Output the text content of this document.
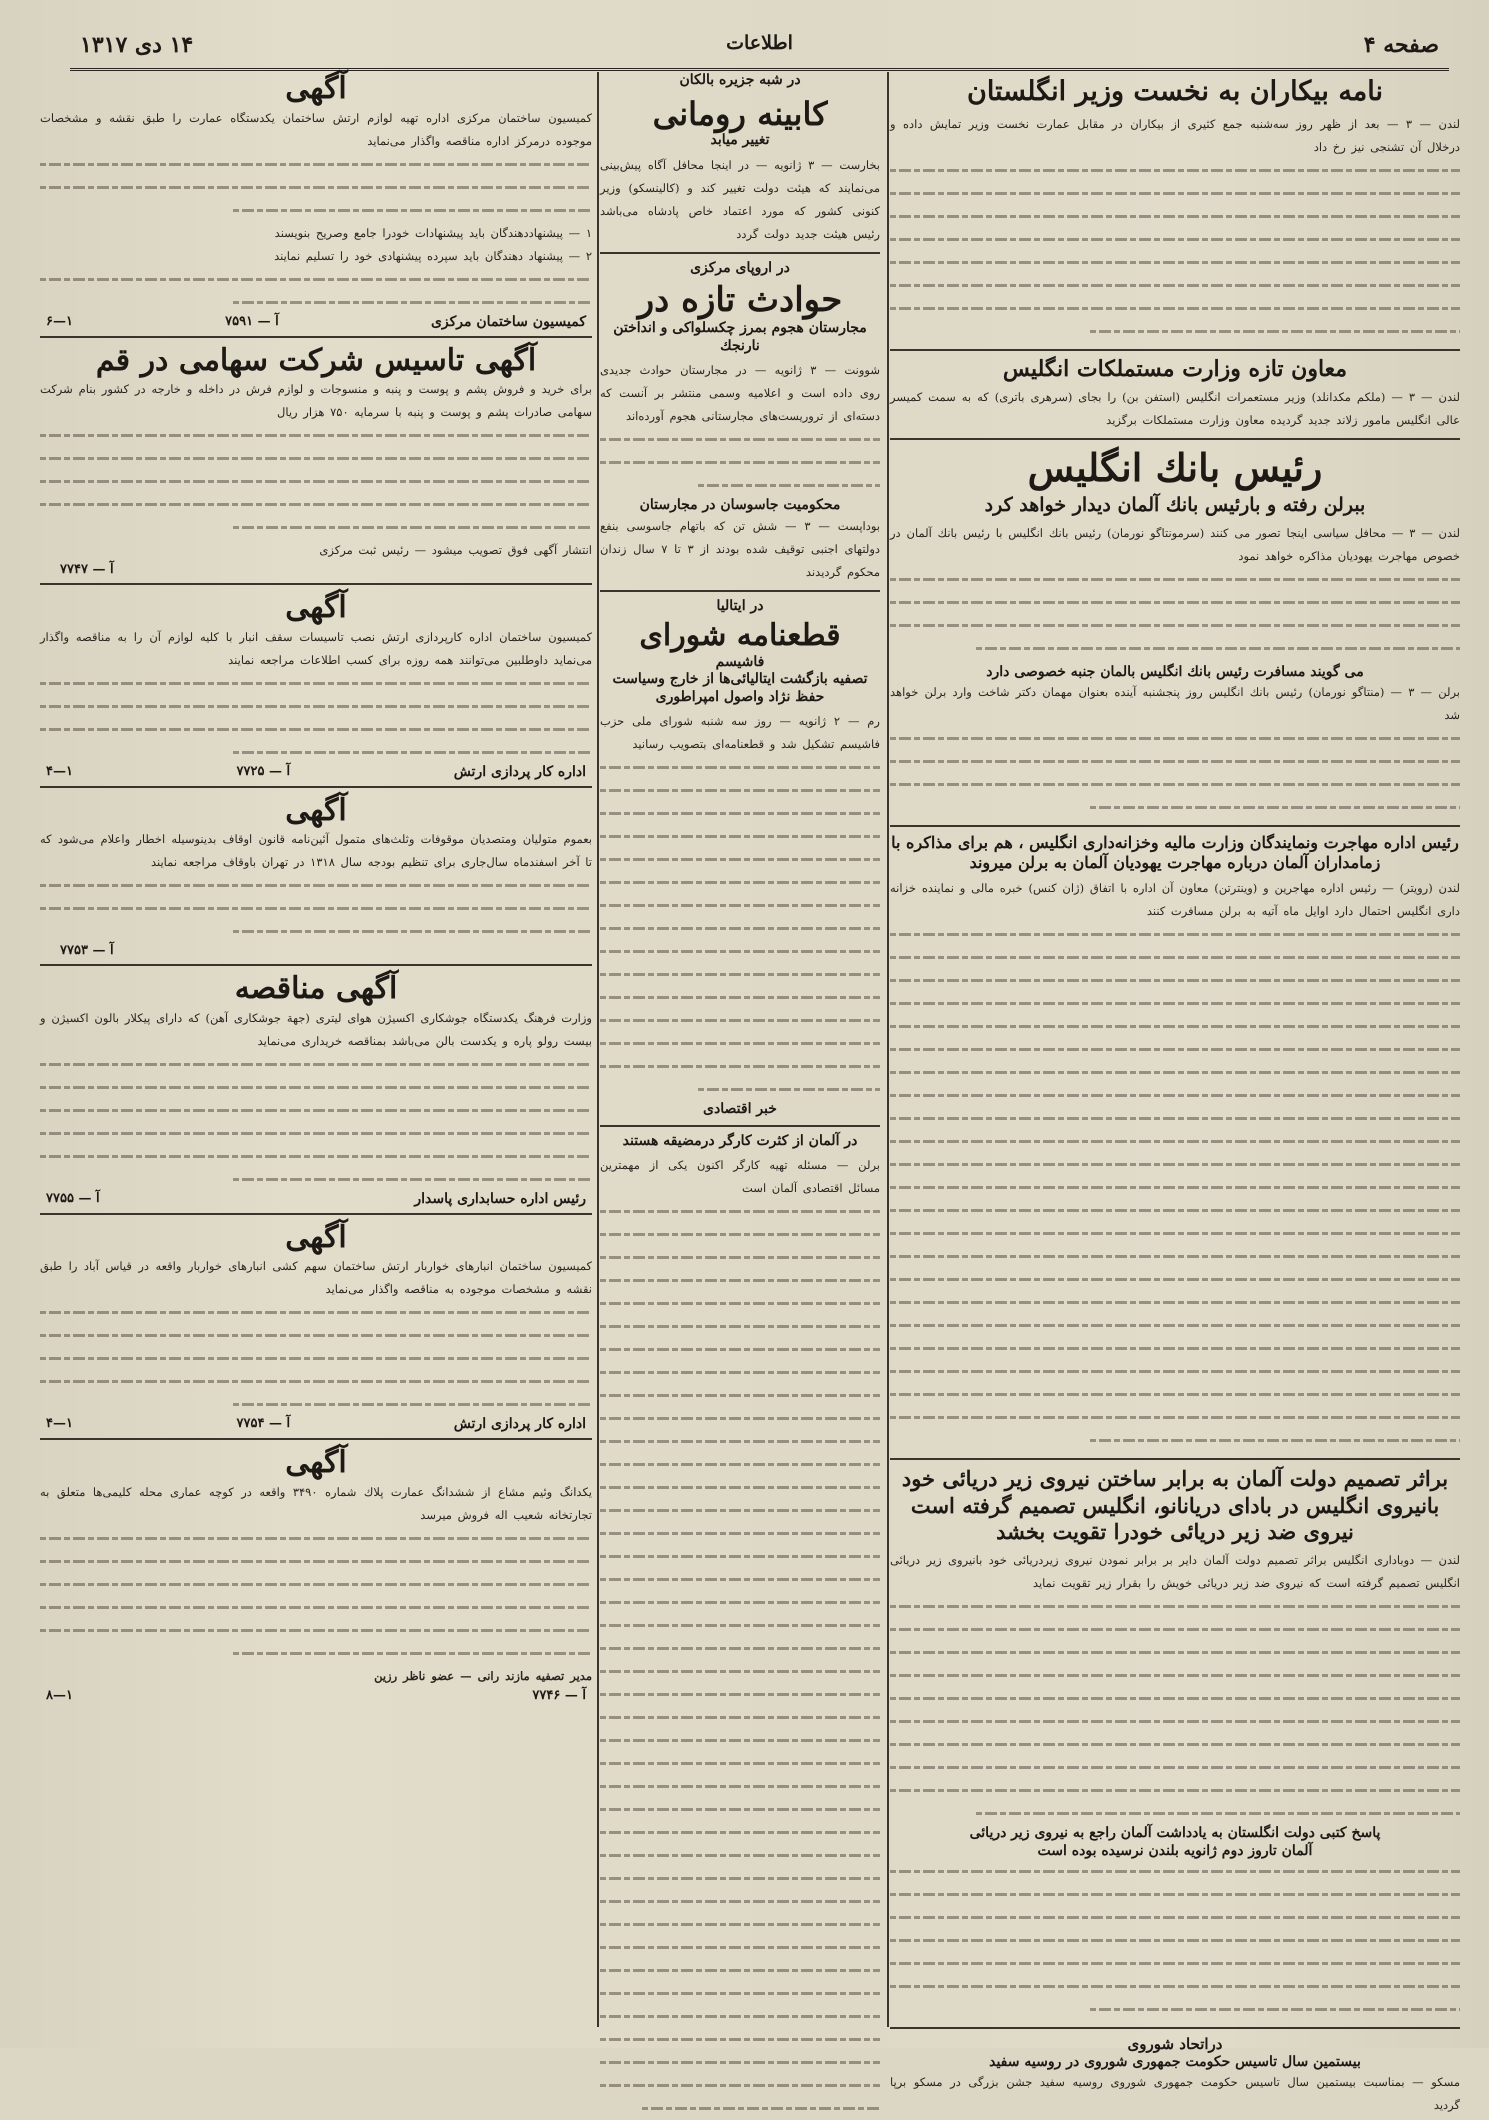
صفحه ۴
اطلاعات
۱۴ دی ۱۳۱۷
نامه بیکاران به نخست وزیر انگلستان
لندن — ۳ — بعد از ظهر روز سه‌شنبه جمع کثیری از بیکاران در مقابل عمارت نخست وزیر تمایش داده و درخلال آن تشنجی نیز رخ داد
معاون تازه وزارت مستملکات انگلیس
لندن — ۳ — (ملکم مکدانلد) وزیر مستعمرات انگلیس (استفن بن) را بجای (سرهری باتری) که به سمت کمیسر عالی انگلیس مامور زلاند جدید گردیده معاون وزارت مستملکات برگزید
رئیس بانك انگلیس
ببرلن رفته و بارئیس بانك آلمان دیدار خواهد کرد
لندن — ۳ — محافل سیاسی اینجا تصور می کنند (سرمونتاگو نورمان) رئیس بانك انگلیس با رئیس بانك آلمان در خصوص مهاجرت یهودیان مذاکره خواهد نمود
می گویند مسافرت رئیس بانك انگلیس بالمان جنبه خصوصی دارد
برلن — ۳ — (منتاگو نورمان) رئیس بانك انگلیس روز پنجشنبه آینده بعنوان مهمان دکتر شاخت وارد برلن خواهد شد
رئیس اداره مهاجرت ونمایندگان وزارت مالیه وخزانه‌داری انگلیس ، هم برای مذاکره با زمامداران آلمان درباره مهاجرت یهودیان آلمان به برلن میروند
لندن (رویتر) — رئیس اداره مهاجرین و (وینترتن) معاون آن اداره با اتفاق (ژان کنس) خبره مالی و نماینده خزانه داری انگلیس احتمال دارد اوایل ماه آتیه به برلن مسافرت کنند
براثر تصمیم دولت آلمان به برابر ساختن نیروی زیر دریائی خود بانیروی انگلیس در بادای دریانانو، انگلیس تصمیم گرفته است نیروی ضد زیر دریائی خودرا تقویت بخشد
لندن — دوباداری انگلیس براثر تصمیم دولت آلمان دایر بر برابر نمودن نیروی زیردریائی خود بانیروی زیر دریائی انگلیس تصمیم گرفته است که نیروی ضد زیر دریائی خویش را بقرار زیر تقویت نماید
پاسخ کتبی دولت انگلستان به یادداشت آلمان راجع به نیروی زیر دریائی
آلمان تاروز دوم ژانویه بلندن نرسیده بوده است
دراتحاد شوروی
بیستمین سال تاسیس حکومت جمهوری شوروی در روسیه سفید
مسکو — بمناسبت بیستمین سال تاسیس حکومت جمهوری شوروی روسیه سفید جشن بزرگی در مسکو برپا گردید
در شبه جزیره بالکان
کابینه رومانی
تغییر میابد
بخارست — ۳ ژانویه — در اینجا محافل آگاه پیش‌بینی می‌نمایند که هیئت دولت تغییر کند و (کالینسکو) وزیر کنونی کشور که مورد اعتماد خاص پادشاه می‌باشد رئیس هیئت جدید دولت گردد
در اروپای مرکزی
حوادث تازه در
مجارستان هجوم بمرز چکسلواکی و انداختن نارنجك
شوونت — ۳ ژانویه — در مجارستان حوادث جدیدی روی داده است و اعلامیه وسمی منتشر بر آنست که دسته‌ای از تروریست‌های مجارستانی هجوم آورده‌اند
محکومیت جاسوسان در مجارستان
بوداپست — ۳ — شش تن که باتهام جاسوسی بنفع دولتهای اجنبی توقیف شده بودند از ۳ تا ۷ سال زندان محکوم گردیدند
در ایتالیا
قطعنامه شورای
فاشیسم
تصفیه بازگشت ایتالیائی‌ها از خارج وسیاست حفظ نژاد واصول امپراطوری
رم — ۲ ژانویه — روز سه شنبه شورای ملی حزب فاشیسم تشکیل شد و قطعنامه‌ای بتصویب رسانید
خبر اقتصادی
در آلمان از کثرت کارگر درمضیقه هستند
برلن — مسئله تهیه کارگر اکنون یکی از مهمترین مسائل اقتصادی آلمان است
آگهی
کمیسیون ساختمان مرکزی اداره تهیه لوازم ارتش ساختمان یکدستگاه عمارت را طبق نقشه و مشخصات موجوده درمرکز اداره مناقصه واگذار می‌نماید
۱ — پیشنهاددهندگان باید پیشنهادات خودرا جامع وصریح بنویسند
۲ — پیشنهاد دهندگان باید سپرده پیشنهادی خود را تسلیم نمایند
کمیسیون ساختمان مرکزی
آ — ۷۵۹۱
۱—۶
آگهی تاسیس شرکت سهامی در قم
برای خرید و فروش پشم و پوست و پنبه و منسوجات و لوازم فرش در داخله و خارجه در کشور بنام شرکت سهامی صادرات پشم و پوست و پنبه با سرمایه ۷۵۰ هزار ریال
انتشار آگهی فوق تصویب میشود — رئیس ثبت مرکزی
آ — ۷۷۴۷
آگهی
کمیسیون ساختمان اداره کارپردازی ارتش نصب تاسیسات سقف انبار با کلیه لوازم آن را به مناقصه واگذار می‌نماید داوطلبین می‌توانند همه روزه برای کسب اطلاعات مراجعه نمایند
اداره کار پردازی ارتش
آ — ۷۷۲۵
۱—۴
آگهی
بعموم متولیان ومتصدیان موقوفات وثلث‌های متمول آئین‌نامه قانون اوقاف بدینوسیله اخطار واعلام می‌شود که تا آخر اسفندماه سال‌جاری برای تنظیم بودجه سال ۱۳۱۸ در تهران باوقاف مراجعه نمایند
آ — ۷۷۵۳
آگهی مناقصه
وزارت فرهنگ یکدستگاه جوشکاری اکسیژن هوای لیتری (جهة جوشکاری آهن) که دارای پیکلار بالون اکسیژن و بیست رولو پاره و یکدست بالن می‌باشد بمناقصه خریداری می‌نماید
رئیس اداره حسابداری پاسدار
آ — ۷۷۵۵
آگهی
کمیسیون ساختمان انبارهای خواربار ارتش ساختمان سهم کشی انبارهای خواربار واقعه در قیاس آباد را طبق نقشه و مشخصات موجوده به مناقصه واگذار می‌نماید
اداره کار پردازی ارتش
آ — ۷۷۵۴
۱—۴
آگهی
یکدانگ وئیم مشاع از ششدانگ عمارت پلاك شماره ۳۴۹۰ واقعه در کوچه عماری محله کلیمی‌ها متعلق به تجارتخانه شعیب اله فروش میرسد
مدیر تصفیه مازند رانی — عضو ناظر رزین
آ — ۷۷۴۶
۱—۸
